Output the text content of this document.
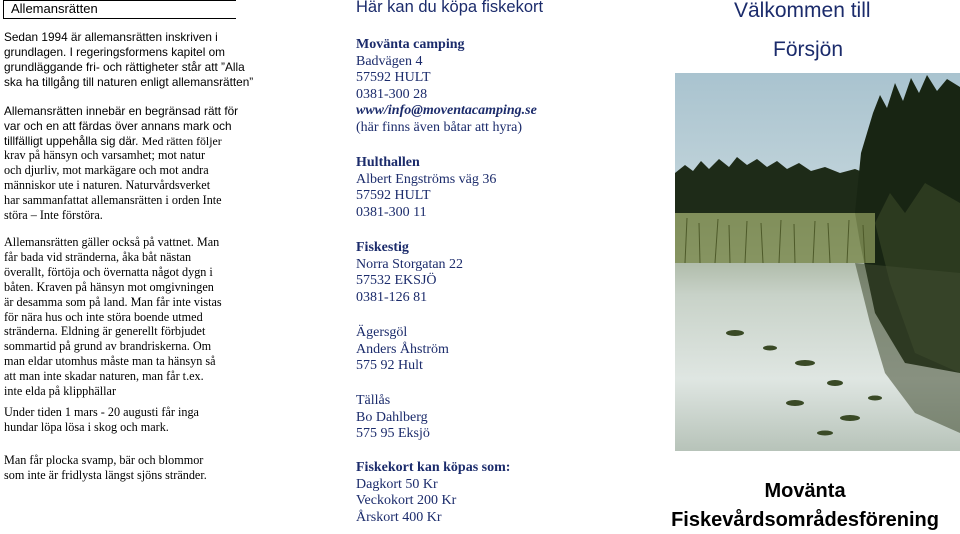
Allemansrätten

Sedan 1994 är allemansrätten inskriven i
grundlagen. I regeringsformens kapitel om
grundläggande fri- och rättigheter står att ”Alla
ska ha tillgång till naturen enligt allemansrätten”

Allemansrätten innebär en begränsad rätt för
var och en att färdas över annans mark och
tillfälligt uppehålla sig där. Med rätten följer

krav på hänsyn och varsamhet; mot natur
och djurliv, mot markägare och mot andra
människor ute i naturen. Naturvårdsverket
har sammanfattat allemansrätten i orden Inte
störa – Inte förstöra.

Allemansrätten gäller också på vattnet. Man
får bada vid stränderna, åka båt nästan
överallt, förtöja och övernatta något dygn i
båten. Kraven på hänsyn mot omgivningen
är desamma som på land. Man får inte vistas
för nära hus och inte störa boende utmed
stränderna. Eldning är generellt förbjudet
sommartid på grund av brandriskerna. Om
man eldar utomhus måste man ta hänsyn så
att man inte skadar naturen, man får t.ex.
inte elda på klipphällar

Under tiden 1 mars - 20 augusti får inga
hundar löpa lösa i skog och mark.

Man får plocka svamp, bär och blommor
som inte är fridlysta längst sjöns stränder.

Här kan du köpa fiskekort
Movänta camping
Badvägen 4
57592 HULT
0381-300 28
www/info@moventacamping.se
(här finns även båtar att hyra)
Hulthallen
Albert Engströms väg 36
57592 HULT
0381-300 11
Fiskestig
Norra Storgatan 22
57532 EKSJÖ
0381-126 81
Ägersgöl
Anders Åhström
575 92 Hult
Tällås
Bo Dahlberg
575 95 Eksjö
Fiskekort kan köpas som:
Dagkort 50 Kr
Veckokort 200 Kr
Årskort 400 Kr
Välkommen till
Försjön
Movänta
Fiskevårdsområdesförening
